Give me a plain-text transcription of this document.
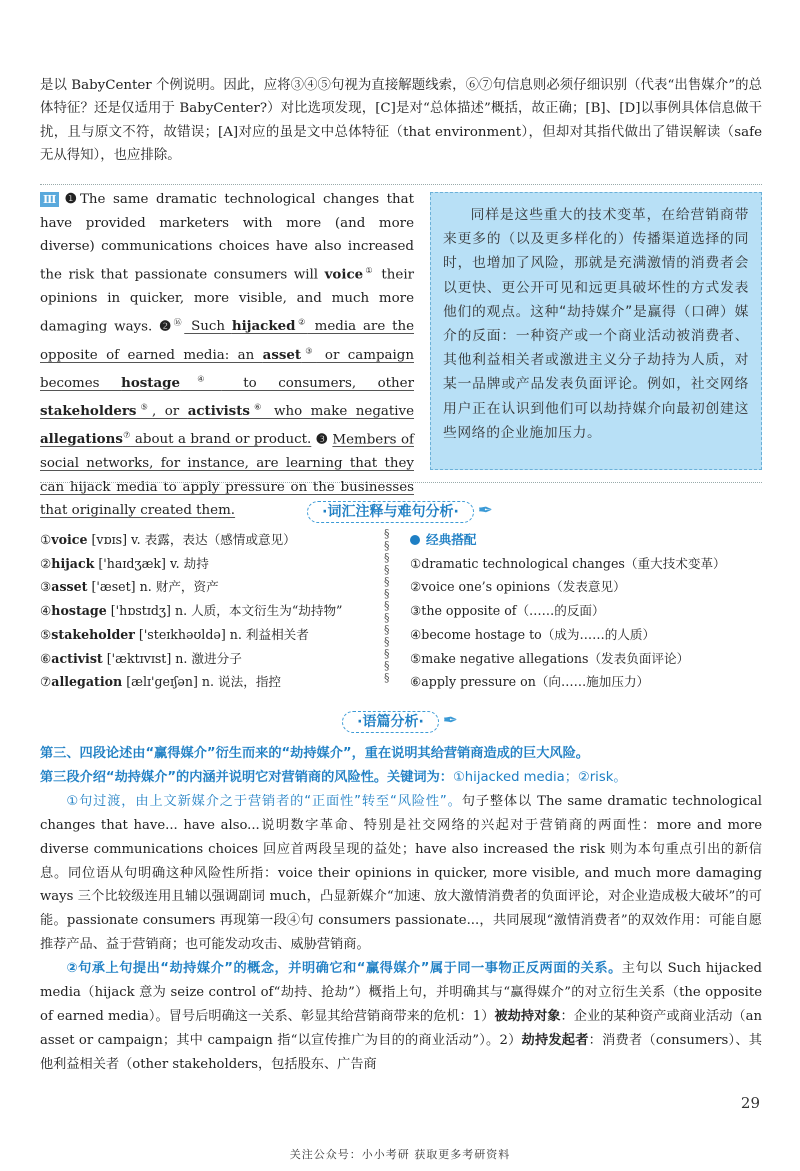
是以 BabyCenter 个例说明。因此，应将③④⑤句视为直接解题线索，⑥⑦句信息则必须仔细识别（代表“出售媒介”的总体特征？还是仅适用于 BabyCenter?）对比选项发现，[C]是对“总体描述”概括，故正确；[B]、[D]以事例具体信息做干扰，且与原文不符，故错误；[A]对应的虽是文中总体特征（that environment），但却对其指代做出了错误解读（safe 无从得知），也应排除。
Ⅲ ❶The same dramatic technological changes that have provided marketers with more (and more diverse) communications choices have also increased the risk that passionate consumers will voice① their opinions in quicker, more visible, and much more damaging ways. ❷⑯ Such hijacked② media are the opposite of earned media: an asset③ or campaign becomes hostage④ to consumers, other stakeholders⑤, or activists⑥ who make negative allegations⑦ about a brand or product. ❸ Members of social networks, for instance, are learning that they can hijack media to apply pressure on the businesses that originally created them.
同样是这些重大的技术变革，在给营销商带来更多的（以及更多样化的）传播渠道选择的同时，也增加了风险，那就是充满激情的消费者会以更快、更公开可见和远更具破坏性的方式发表他们的观点。这种“劫持媒介”是赢得（口碑）媒介的反面：一种资产或一个商业活动被消费者、其他利益相关者或激进主义分子劫持为人质，对某一品牌或产品发表负面评论。例如，社交网络用户正在认识到他们可以劫持媒介向最初创建这些网络的企业施加压力。
·词汇注释与难句分析· ✒
①voice [vɒɪs] v. 表露，表达（感情或意见）
②hijack ['haɪdʒæk] v. 劫持
③asset ['æset] n. 财产，资产
④hostage ['hɒstɪdʒ] n. 人质，本文衍生为“劫持物”
⑤stakeholder ['steɪkhəʊldə] n. 利益相关者
⑥activist ['æktɪvɪst] n. 激进分子
⑦allegation [ælɪ'geɪʃən] n. 说法，指控
§
§
§
§
§
§
§
§
§
§
§
§
§
经典搭配
①dramatic technological changes（重大技术变革）
②voice one’s opinions（发表意见）
③the opposite of（……的反面）
④become hostage to（成为……的人质）
⑤make negative allegations（发表负面评论）
⑥apply pressure on（向……施加压力）
·语篇分析· ✒
第三、四段论述由“赢得媒介”衍生而来的“劫持媒介”，重在说明其给营销商造成的巨大风险。
第三段介绍“劫持媒介”的内涵并说明它对营销商的风险性。关键词为：①hijacked media；②risk。
①句过渡，由上文新媒介之于营销者的“正面性”转至“风险性”。句子整体以 The same dramatic technological changes that have... have also...说明数字革命、特别是社交网络的兴起对于营销商的两面性：more and more diverse communications choices 回应首两段呈现的益处；have also increased the risk 则为本句重点引出的新信息。同位语从句明确这种风险性所指：voice their opinions in quicker, more visible, and much more damaging ways 三个比较级连用且辅以强调副词 much，凸显新媒介“加速、放大激情消费者的负面评论，对企业造成极大破坏”的可能。passionate consumers 再现第一段④句 consumers passionate...，共同展现“激情消费者”的双效作用：可能自愿推荐产品、益于营销商；也可能发动攻击、威胁营销商。
②句承上句提出“劫持媒介”的概念，并明确它和“赢得媒介”属于同一事物正反两面的关系。主句以 Such hijacked media（hijack 意为 seize control of“劫持、抢劫”）概指上句，并明确其与“赢得媒介”的对立衍生关系（the opposite of earned media）。冒号后明确这一关系、彰显其给营销商带来的危机：1）被劫持对象：企业的某种资产或商业活动（an asset or campaign；其中 campaign 指“以宣传推广为目的的商业活动”）。2）劫持发起者：消费者（consumers）、其他利益相关者（other stakeholders，包括股东、广告商
29
关注公众号：小小考研 获取更多考研资料
